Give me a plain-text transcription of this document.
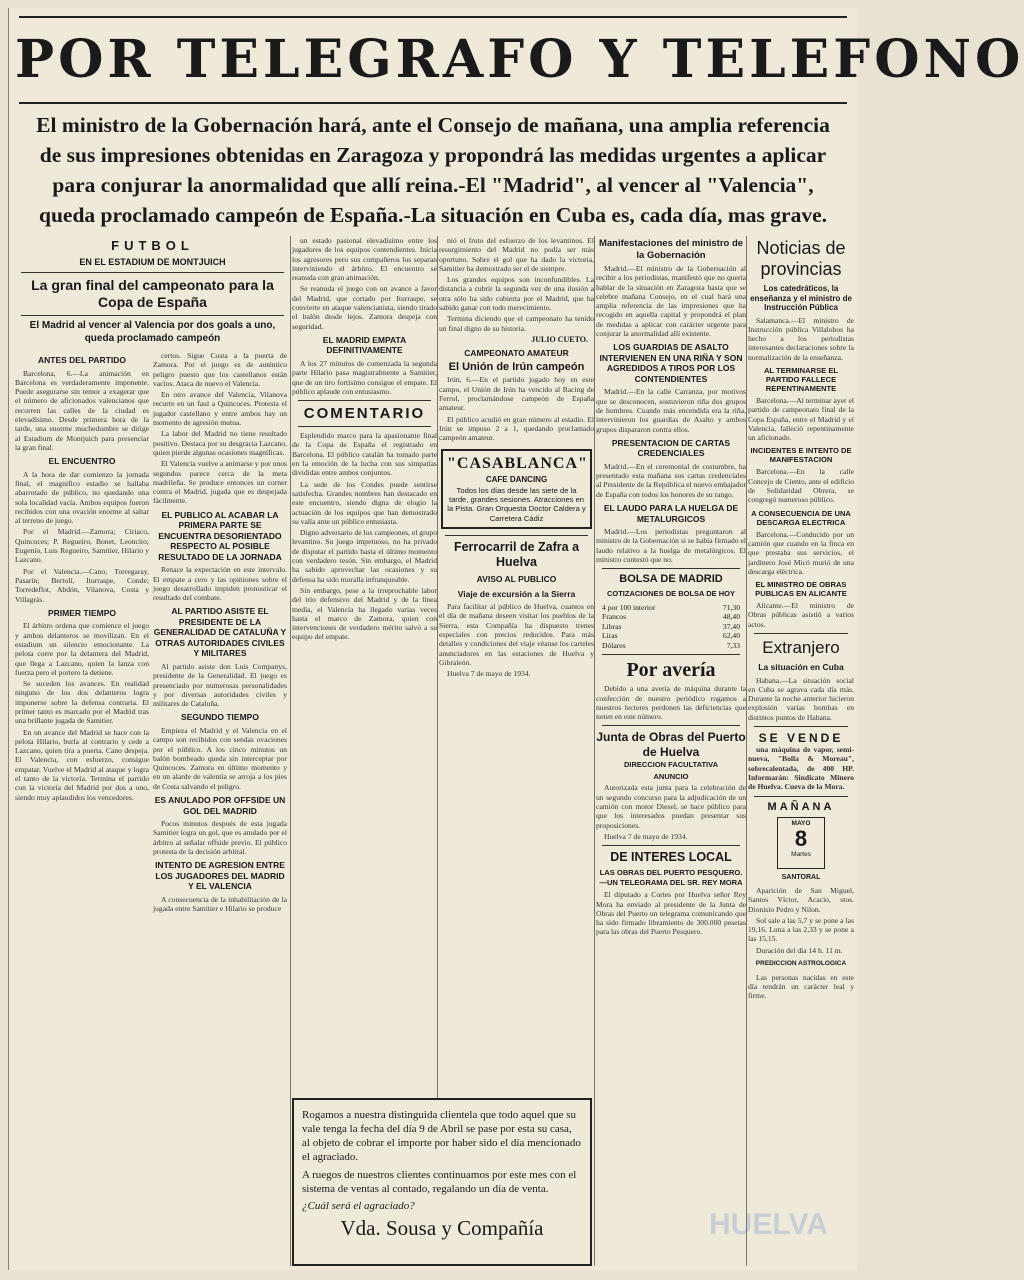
POR TELEGRAFO Y TELEFONO
El ministro de la Gobernación hará, ante el Consejo de mañana, una amplia referencia de sus impresiones obtenidas en Zaragoza y propondrá las medidas urgentes a aplicar para conjurar la anormalidad que allí reina.-El "Madrid", al vencer al "Valencia", queda proclamado campeón de España.-La situación en Cuba es, cada día, mas grave.
FUTBOL
EN EL ESTADIUM DE MONTJUICH
La gran final del campeonato para la Copa de España
El Madrid al vencer al Valencia por dos goals a uno, queda proclamado campeón
ANTES DEL PARTIDO

Barcelona, 6.—La animación en Barcelona es verdaderamente imponente. Puede asegurarse sin temor a exagerar que el número de aficionados valencianos que recorren las calles de la ciudad es elevadísimo. Desde primera hora de la tarde, una enorme muchedumbre se dirige al Estadium de Montjuich para presenciar la gran final.

EL ENCUENTRO

A la hora de dar comienzo la jornada final, el magnífico estadio se hallaba abarrotado de público, no quedando una sola localidad vacía. Ambos equipos fueron recibidos con una ovación enorme al saltar al terreno de juego.

Por el Madrid.—Zamora; Ciriaco, Quincoces; P. Regueiro, Bonet, Leoncito; Eugenio, Luis Regueiro, Samitier, Hilario y Lazcano.

Por el Valencia.—Cano; Torregaray, Pasarín; Bertolí, Iturraspe, Conde; Torredeflot, Abdón, Vilanova, Costa y Villagrás.

PRIMER TIEMPO

El árbitro ordena que comience el juego y ambos delanteros se movilizan. En el estadium un silencio emocionante. La pelota corre por la delantera del Madrid, que llega a Lazcano, quien la lanza con fuerza pero el portero la detiene.

Se suceden los avances. En realidad ninguno de los dos delanteros logra imponerse sobre la defensa contraria. El primer tanto es marcado por el Madrid tras una brillante jugada de Samitier.

En un avance del Madrid se hace con la pelota Hilario, burla al contrario y cede a Lazcano, quien tira a puerta. Cano despeja. El Valencia, con esfuerzo, consigue empatar. Vuelve el Madrid al ataque y logra el tanto de la victoria. Termina el partido con la victoria del Madrid por dos a uno, siendo muy aplaudidos los vencedores.

certos. Sigue Costa a la puerta de Zamora. Por el juego es de auténtico peligro puesto que los castellanos están vacíos. Ataca de nuevo el Valencia.

En otro avance del Valencia, Vilanova recurre en un faul a Quincoces. Protesta el jugador castellano y entre ambos hay un momento de agresión mutua.

La labor del Madrid no tiene resultado positivo. Destaca por su desgracia Lazcano, quien pierde algunas ocasiones magníficas.

El Valencia vuelve a animarse y por unos segundos parece cerca de la meta madrileña. Se produce entonces un corner contra el Madrid, jugada que es despejada fácilmente.

EL PUBLICO AL ACABAR LA PRIMERA PARTE SE ENCUENTRA DESORIENTADO RESPECTO AL POSIBLE RESULTADO DE LA JORNADA

Renace la expectación en este intervalo. El empate a cero y las opiniones sobre el juego desarrollado impiden pronosticar el resultado del combate.

AL PARTIDO ASISTE EL PRESIDENTE DE LA GENERALIDAD DE CATALUÑA Y OTRAS AUTORIDADES CIVILES Y MILITARES

Al partido asiste don Luis Companys, presidente de la Generalidad. El juego es presenciado por numerosas personalidades y por diversas autoridades civiles y militares de Cataluña.

SEGUNDO TIEMPO

Empieza el Madrid y el Valencia en el campo son recibidos con sendas ovaciones por el público. A los cinco minutos un balón bombeado queda sin interceptar por Quincoces. Zamora en último momento y en un alarde de valentía se arroja a los pies de Costa salvando el peligro.

ES ANULADO POR OFFSIDE UN GOL DEL MADRID

Pocos minutos después de esta jugada Samitier logra un gol, que es anulado por el árbitro al señalar offside previo. El público protesta de la decisión arbitral.

INTENTO DE AGRESION ENTRE LOS JUGADORES DEL MADRID Y EL VALENCIA

A consecuencia de la inhabilitación de la jugada entre Samitier e Hilario se produce

un estado pasional elevadísimo entre los jugadores de los equipos contendientes. Inicia los agresores pero sus compañeros los separan interviniendo el árbitro. El encuentro se reanuda con gran animación.

Se reanuda el juego con un avance a favor del Madrid, que cortado por Iturraspe, se convierte en ataque valencianista, siendo tirado el balón desde lejos. Zamora despeja con seguridad.

EL MADRID EMPATA DEFINITIVAMENTE

A los 27 minutos de comenzada la segunda parte Hilario pasa magistralmente a Samitier, que de un tiro fortísimo consigue el empate. El público aplaude con entusiasmo.

COMENTARIO

Esplendido marco para la apasionante final de la Copa de España el registrado en Barcelona. El público catalán ha tomado parte en la emoción de la lucha con sus simpatías divididas entre ambos conjuntos.

La sede de los Condes puede sentirse satisfecha. Grandes nombres han destacado en este encuentro, siendo digna de elogio la actuación de los equipos que han demostrado su valía ante un público entusiasta.

Digno adversario de los campeones, el grupo levantino. Su juego impetuoso, no ha privado de disputar el partido hasta el último momento con verdadero tesón. Sin embargo, el Madrid ha sabido aprovechar las ocasiones y su defensa ha sido muralla infranqueable.

Sin embargo, pese a la irreprochable labor del trío defensivo del Madrid y de la línea media, el Valencia ha llegado varias veces hasta el marco de Zamora, quien con intervenciones de verdadero mérito salvó a su equipo del empate.

nió el fruto del esfuerzo de los levantinos. El resurgimiento del Madrid no podía ser más oportuno. Sobre el gol que ha dado la victoria, Samitier ha demostrado ser el de siempre.

Los grandes equipos son inconfundibles. La distancia a cubrir la segunda vez de una ilusión a otra sólo ha sido cubierta por el Madrid, que ha sabido ganar con todo merecimiento.

Termina diciendo que el campeonato ha tenido un final digno de su historia.

JULIO CUETO.
CAMPEONATO AMATEUR
El Unión de Irún campeón

Irún, 6.—En el partido jugado hoy en este campo, el Unión de Irún ha vencido al Racing de Ferrol, proclamándose campeón de España amateur.

El público acudió en gran número al estadio. El Irún se impuso 2 a 1, quedando proclamado campeón amateur.

"CASABLANCA"
CAFE DANCING
Todos los días desde las siete de la tarde, grandes sesiones. Atracciones en la Pista. Gran Orquesta Doctor Caldera y Carretera Cádiz
Ferrocarril de Zafra a Huelva
AVISO AL PUBLICO
Viaje de excursión a la Sierra

Para facilitar al público de Huelva, cuantos en el día de mañana deseen visitar los pueblos de la Sierra, esta Compañía ha dispuesto trenes especiales con precios reducidos. Para más detalles y condiciones del viaje véanse los carteles anunciadores en las estaciones de Huelva y Gibraleón.

Huelva 7 de mayo de 1934.

Manifestaciones del ministro de la Gobernación

Madrid.—El ministro de la Gobernación al recibir a los periodistas, manifestó que no quería hablar de la situación en Zaragoza hasta que se celebre mañana Consejo, en el cual hará una amplia referencia de las impresiones que ha recogido en aquella capital y propondrá el plan de medidas a aplicar con carácter urgente para conjurar la anormalidad allí existente.

LOS GUARDIAS DE ASALTO INTERVIENEN EN UNA RIÑA Y SON AGREDIDOS A TIROS POR LOS CONTENDIENTES

Madrid.—En la calle Carranza, por motivos que se desconocen, sostuvieron riña dos grupos de hombres. Cuando más encendida era la riña, intervinieron los guardias de Asalto y ambos grupos dispararon contra ellos.

PRESENTACION DE CARTAS CREDENCIALES

Madrid.—En el ceremonial de costumbre, ha presentado esta mañana sus cartas credenciales al Presidente de la República el nuevo embajador de España con todos los honores de su rango.

EL LAUDO PARA LA HUELGA DE METALURGICOS

Madrid.—Los periodistas preguntaron al ministro de la Gobernación si se había firmado el laudo relativo a la huelga de metalúrgicos. El ministro contestó que no.

BOLSA DE MADRID
COTIZACIONES DE BOLSA DE HOY
4 por 100 interior	71,30
Francos	48,40
Libras	37,40
Liras	62,40
Dólares	7,33
Por avería

Debido a una avería de máquina durante la confección de nuestro periódico rogamos a nuestros lectores perdonen las deficiencias que noten en este número.

Junta de Obras del Puerto de Huelva
DIRECCION FACULTATIVA
ANUNCIO

Autorizada esta junta para la celebración de un segundo concurso para la adjudicación de un camión con motor Diesel, se hace público para que los interesados puedan presentar sus proposiciones.

Huelva 7 de mayo de 1934.

DE INTERES LOCAL
LAS OBRAS DEL PUERTO PESQUERO.—UN TELEGRAMA DEL SR. REY MORA

El diputado a Cortes por Huelva señor Rey Mora ha enviado al presidente de la Junta de Obras del Puerto un telegrama comunicando que ha sido firmado libramiento de 300.000 pesetas para las obras del Puerto Pesquero.

Noticias de provincias
Los catedráticos, la enseñanza y el ministro de Instrucción Pública

Salamanca.—El ministro de Instrucción pública Villalobos ha hecho a los periodistas interesantes declaraciones sobre la normalización de la enseñanza.

AL TERMINARSE EL PARTIDO FALLECE REPENTINAMENTE

Barcelona.—Al terminar ayer el partido de campeonato final de la Copa España, entre el Madrid y el Valencia, falleció repentinamente un aficionado.

INCIDENTES E INTENTO DE MANIFESTACION

Barcelona.—En la calle Concejo de Ciento, ante el edificio de Solidaridad Obrera, se congregó numeroso público.

A CONSECUENCIA DE UNA DESCARGA ELECTRICA

Barcelona.—Conducido por un camión que cuando en la finca en que prestaba sus servicios, el jardinero José Micó murió de una descarga eléctrica.

EL MINISTRO DE OBRAS PUBLICAS EN ALICANTE

Alicante.—El ministro de Obras públicas asistió a varios actos.

Extranjero
La situación en Cuba

Habana.—La situación social en Cuba se agrava cada día más. Durante la noche anterior hicieron explosión varias bombas en distintos puntos de Habana.

SE VENDE

una máquina de vapor, semi-nueva, "Bolla & Moreau", sobrecalentada, de 400 HP. Informarán: Sindicato Minero de Huelva. Cueva de la Mora.

MAÑANA
MAYO
8
Martes
SANTORAL

Aparición de San Miguel, Santos Víctor, Acacio, stos. Dionisio Pedro y Nilon.

Sol sale a las 5,7 y se pone a las 19,16. Luna a las 2,33 y se pone a las 15,15.

Duración del día 14 h. 11 m.

PREDICCION ASTROLOGICA

Las personas nacidas en este día tendrán un carácter leal y firme.

Rogamos a nuestra distinguida clientela que todo aquel que su vale tenga la fecha del día 9 de Abril se pase por esta su casa, al objeto de cobrar el importe por haber sido el día mencionado el agraciado.

A ruegos de nuestros clientes continuamos por este mes con el sistema de ventas al contado, regalando un día de venta.

¿Cuál será el agraciado?
Vda. Sousa y Compañía	HUELVA
